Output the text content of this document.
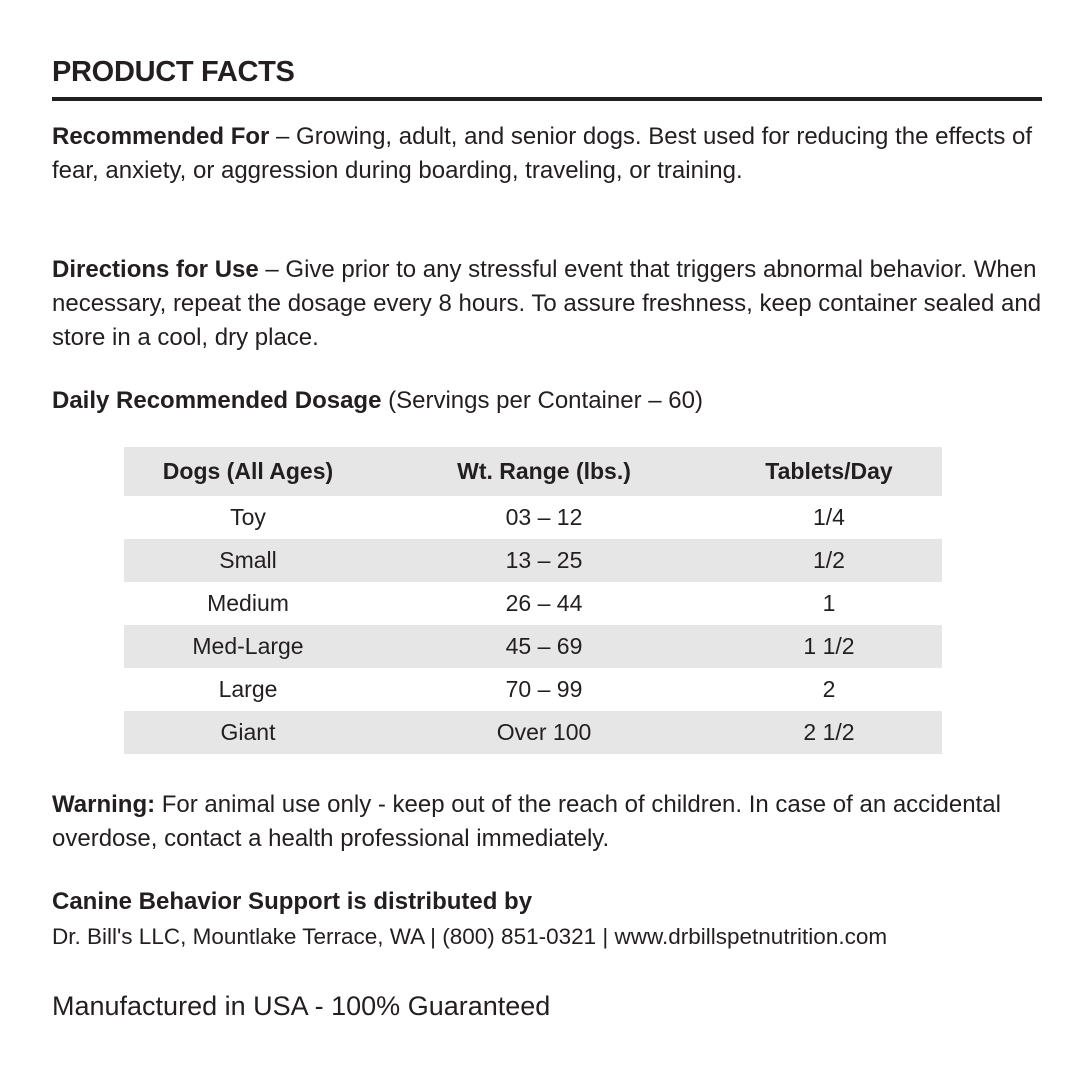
PRODUCT FACTS

Recommended For – Growing, adult, and senior dogs. Best used for reducing the effects of fear, anxiety, or aggression during boarding, traveling, or training.

Directions for Use – Give prior to any stressful event that triggers abnormal behavior. When necessary, repeat the dosage every 8 hours. To assure freshness, keep container sealed and store in a cool, dry place.

Daily Recommended Dosage (Servings per Container – 60)

Dogs (All Ages)	Wt. Range (lbs.)	Tablets/Day
Toy	03 – 12	1/4
Small	13 – 25	1/2
Medium	26 – 44	1
Med-Large	45 – 69	1 1/2
Large	70 – 99	2
Giant	Over 100	2 1/2

Warning: For animal use only - keep out of the reach of children. In case of an accidental overdose, contact a health professional immediately.

Canine Behavior Support is distributed by

Dr. Bill's LLC, Mountlake Terrace, WA | (800) 851-0321 | www.drbillspetnutrition.com

Manufactured in USA - 100% Guaranteed
